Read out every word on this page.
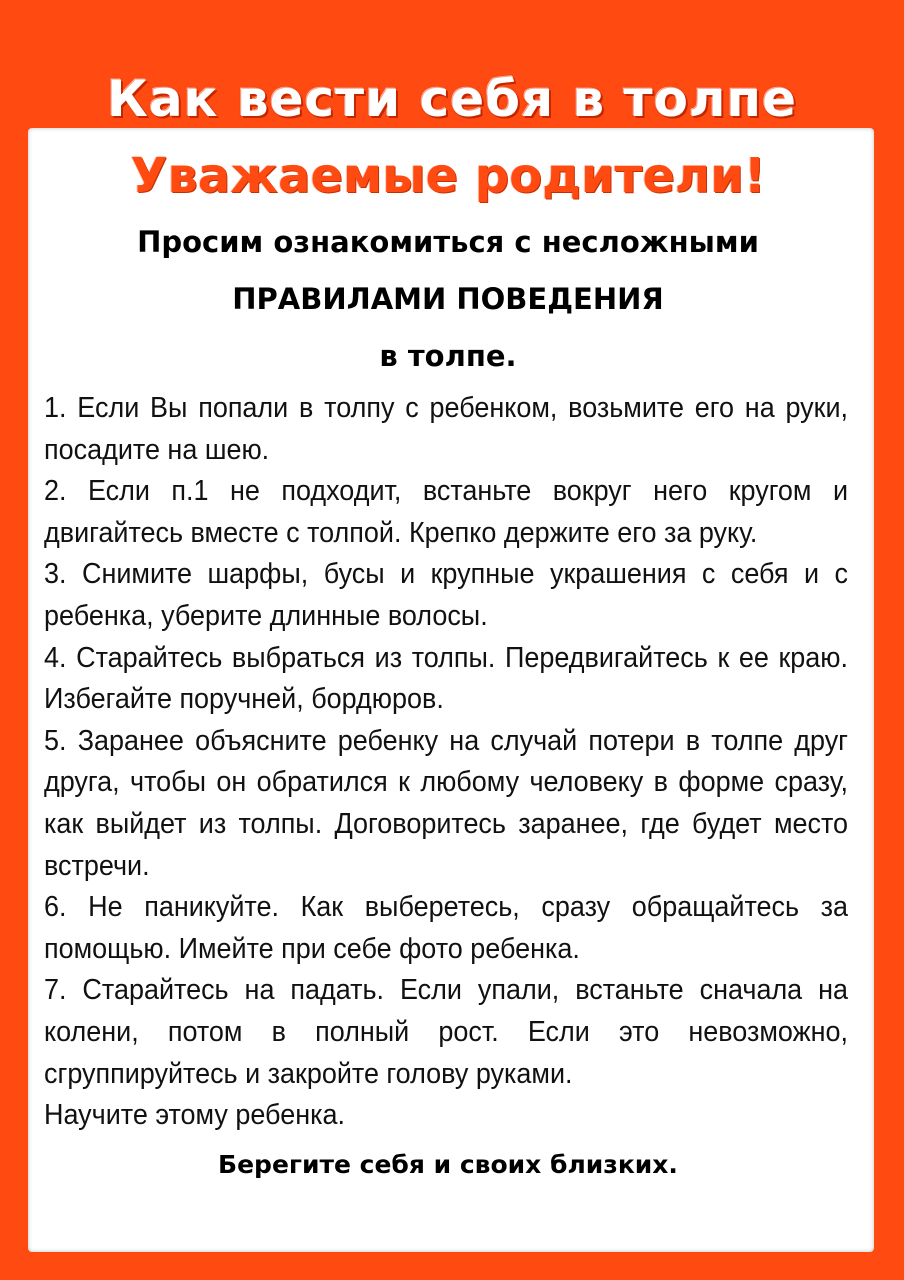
Как вести себя в толпе
Уважаемые родители!
Просим ознакомиться с несложными
ПРАВИЛАМИ ПОВЕДЕНИЯ
в толпе.

1. Если Вы попали в толпу с ребенком, возьмите его на руки, посадите на шею.

2. Если п.1 не подходит, встаньте вокруг него кругом и двигайтесь вместе с толпой. Крепко держите его за руку.

3. Снимите шарфы, бусы и крупные украшения с себя и с ребенка, уберите длинные волосы.

4. Старайтесь выбраться из толпы. Передвигайтесь к ее краю. Избегайте поручней, бордюров.

5. Заранее объясните ребенку на случай потери в толпе друг друга, чтобы он обратился к любому человеку в форме сразу, как выйдет из толпы. Договоритесь заранее, где будет место встречи.

6. Не паникуйте. Как выберетесь, сразу обращайтесь за помощью. Имейте при себе фото ребенка.

7. Старайтесь на падать. Если упали, встаньте сначала на колени, потом в полный рост. Если это невозможно, сгруппируйтесь и закройте голову руками.

Научите этому ребенка.

Берегите себя и своих близких.
